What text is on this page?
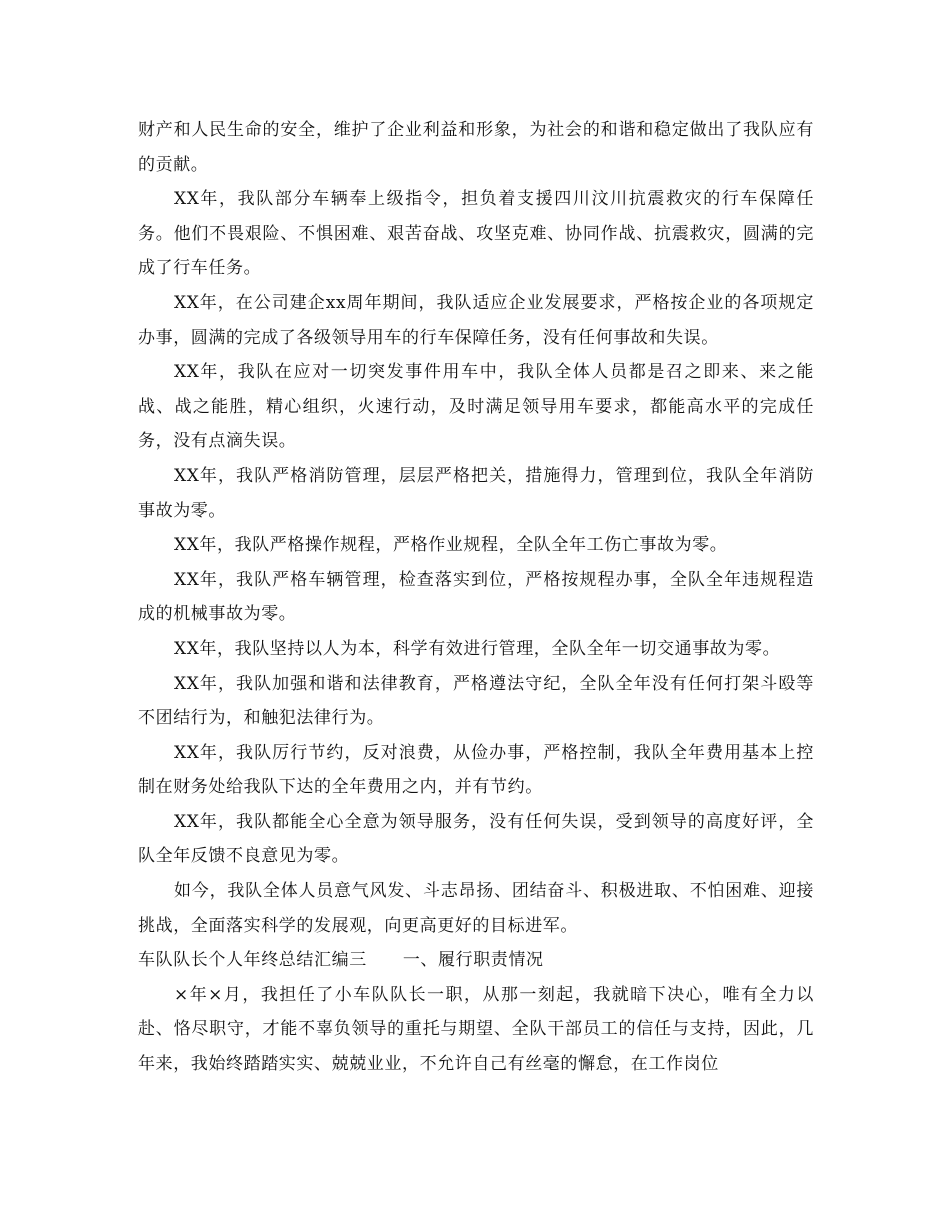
财产和人民生命的安全，维护了企业利益和形象，为社会的和谐和稳定做出了我队应有的贡献。

XX年，我队部分车辆奉上级指令，担负着支援四川汶川抗震救灾的行车保障任务。他们不畏艰险、不惧困难、艰苦奋战、攻坚克难、协同作战、抗震救灾，圆满的完成了行车任务。

XX年，在公司建企xx周年期间，我队适应企业发展要求，严格按企业的各项规定办事，圆满的完成了各级领导用车的行车保障任务，没有任何事故和失误。

XX年，我队在应对一切突发事件用车中，我队全体人员都是召之即来、来之能战、战之能胜，精心组织，火速行动，及时满足领导用车要求，都能高水平的完成任务，没有点滴失误。

XX年，我队严格消防管理，层层严格把关，措施得力，管理到位，我队全年消防事故为零。

XX年，我队严格操作规程，严格作业规程，全队全年工伤亡事故为零。

XX年，我队严格车辆管理，检查落实到位，严格按规程办事，全队全年违规程造成的机械事故为零。

XX年，我队坚持以人为本，科学有效进行管理，全队全年一切交通事故为零。

XX年，我队加强和谐和法律教育，严格遵法守纪，全队全年没有任何打架斗殴等不团结行为，和触犯法律行为。

XX年，我队厉行节约，反对浪费，从俭办事，严格控制，我队全年费用基本上控制在财务处给我队下达的全年费用之内，并有节约。

XX年，我队都能全心全意为领导服务，没有任何失误，受到领导的高度好评，全队全年反馈不良意见为零。

如今，我队全体人员意气风发、斗志昂扬、团结奋斗、积极进取、不怕困难、迎接挑战，全面落实科学的发展观，向更高更好的目标进军。

车队队长个人年终总结汇编三 一、履行职责情况

×年×月，我担任了小车队队长一职，从那一刻起，我就暗下决心，唯有全力以赴、恪尽职守，才能不辜负领导的重托与期望、全队干部员工的信任与支持，因此，几年来，我始终踏踏实实、兢兢业业，不允许自己有丝毫的懈怠，在工作岗位
